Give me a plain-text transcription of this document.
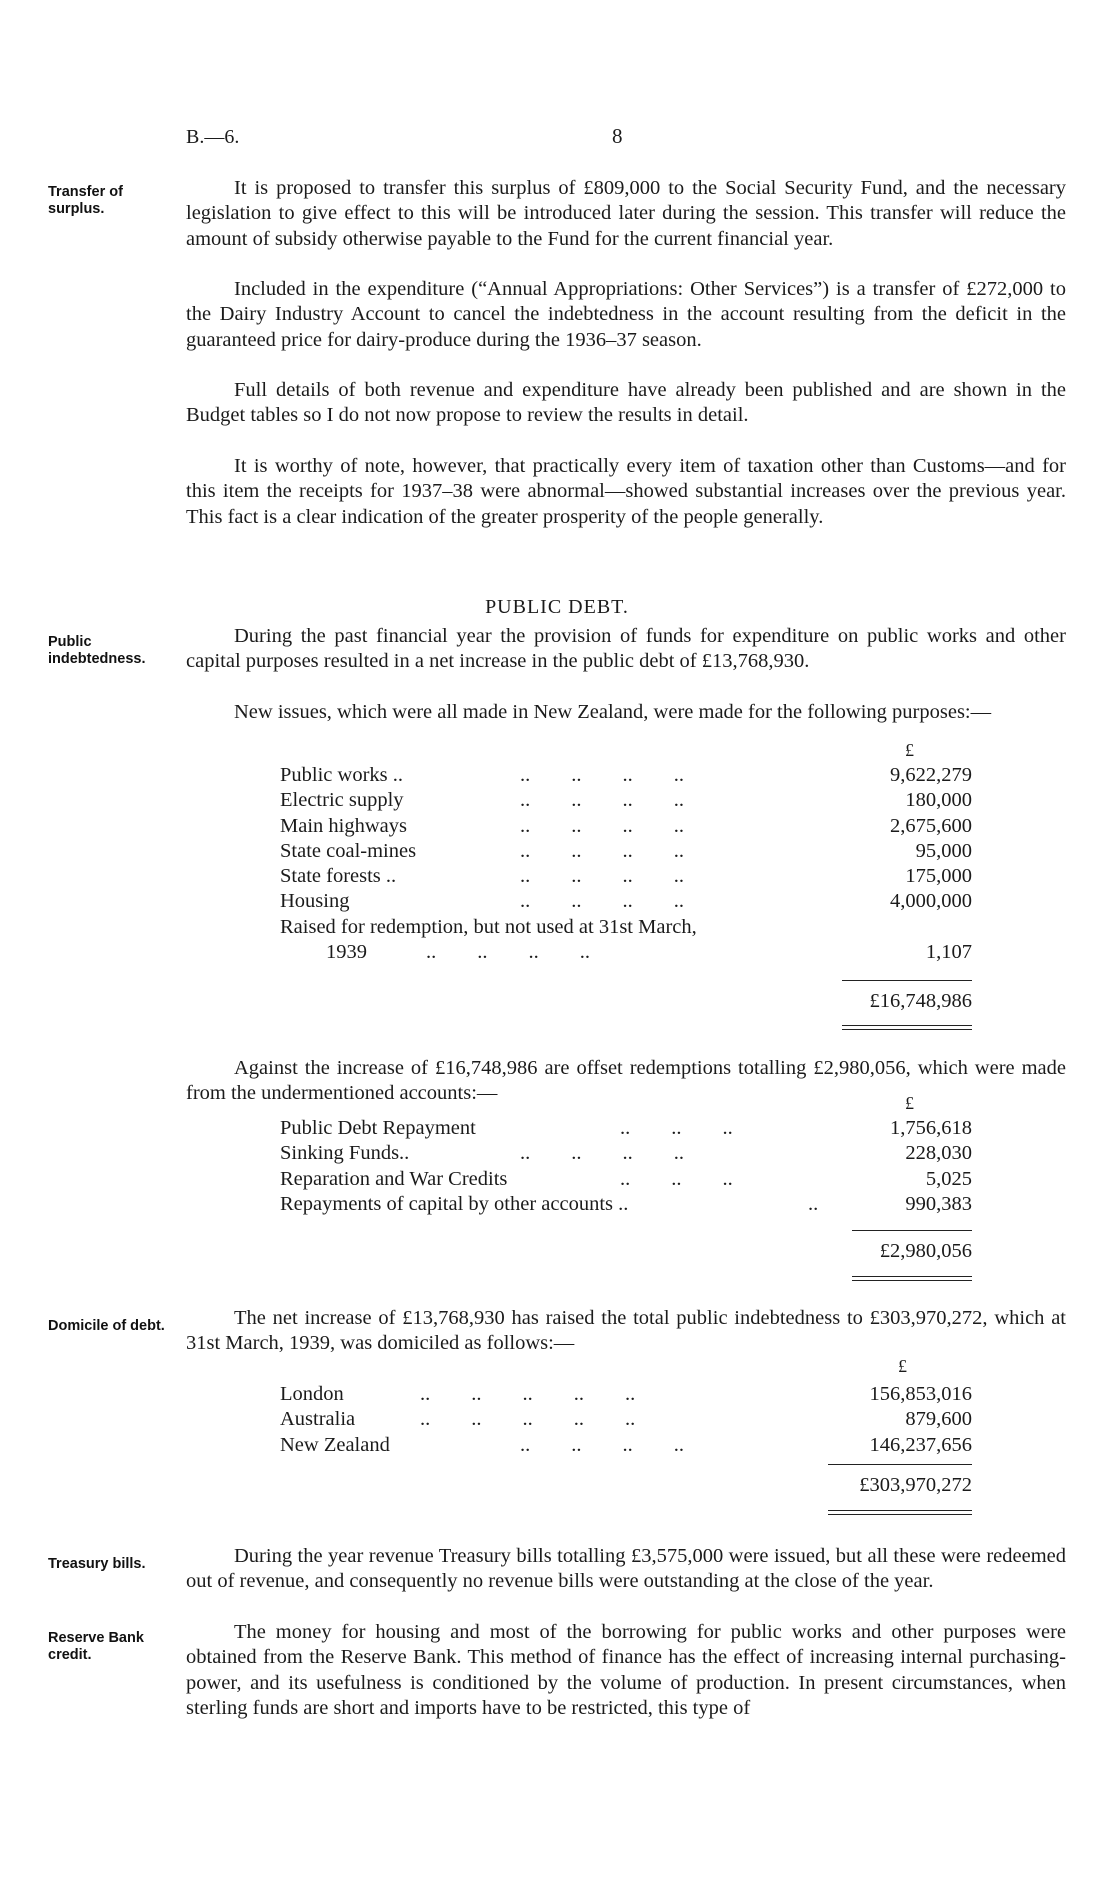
B.—6.	8
Transfer of surplus.
Public indebtedness.
Domicile of debt.
Treasury bills.
Reserve Bank credit.

It is proposed to transfer this surplus of £809,000 to the Social Security Fund, and the necessary legislation to give effect to this will be introduced later during the session. This transfer will reduce the amount of subsidy otherwise payable to the Fund for the current financial year.

Included in the expenditure (“Annual Appropriations: Other Services”) is a transfer of £272,000 to the Dairy Industry Account to cancel the indebtedness in the account resulting from the deficit in the guaranteed price for dairy-produce during the 1936–37 season.

Full details of both revenue and expenditure have already been published and are shown in the Budget tables so I do not now propose to review the results in detail.

It is worthy of note, however, that practically every item of taxation other than Customs—and for this item the receipts for 1937–38 were abnormal—showed substantial increases over the previous year. This fact is a clear indication of the greater prosperity of the people generally.

PUBLIC DEBT.

During the past financial year the provision of funds for expenditure on public works and other capital purposes resulted in a net increase in the public debt of £13,768,930.

New issues, which were all made in New Zealand, were made for the following purposes:—

£
Public works ..	..        ..        ..        ..	9,622,279
Electric supply	..        ..        ..        ..	180,000
Main highways	..        ..        ..        ..	2,675,600
State coal-mines	..        ..        ..        ..	95,000
State forests ..	..        ..        ..        ..	175,000
Housing	..        ..        ..        ..	4,000,000
Raised for redemption, but not used at 31st March,
1939	..        ..        ..        ..	1,107
£16,748,986

Against the increase of £16,748,986 are offset redemptions totalling £2,980,056, which were made from the undermentioned accounts:—	£
Public Debt Repayment	..        ..        ..	1,756,618
Sinking Funds..	..        ..        ..        ..	228,030
Reparation and War Credits	..        ..        ..	5,025
Repayments of capital by other accounts ..	..	990,383
£2,980,056

The net increase of £13,768,930 has raised the total public indebtedness to £303,970,272, which at 31st March, 1939, was domiciled as follows:—

£
London	..        ..        ..        ..        ..	156,853,016
Australia	..        ..        ..        ..        ..	879,600
New Zealand	..        ..        ..        ..	146,237,656
£303,970,272

During the year revenue Treasury bills totalling £3,575,000 were issued, but all these were redeemed out of revenue, and consequently no revenue bills were outstanding at the close of the year.

The money for housing and most of the borrowing for public works and other purposes were obtained from the Reserve Bank. This method of finance has the effect of increasing internal purchasing-power, and its usefulness is conditioned by the volume of production. In present circumstances, when sterling funds are short and imports have to be restricted, this type of
